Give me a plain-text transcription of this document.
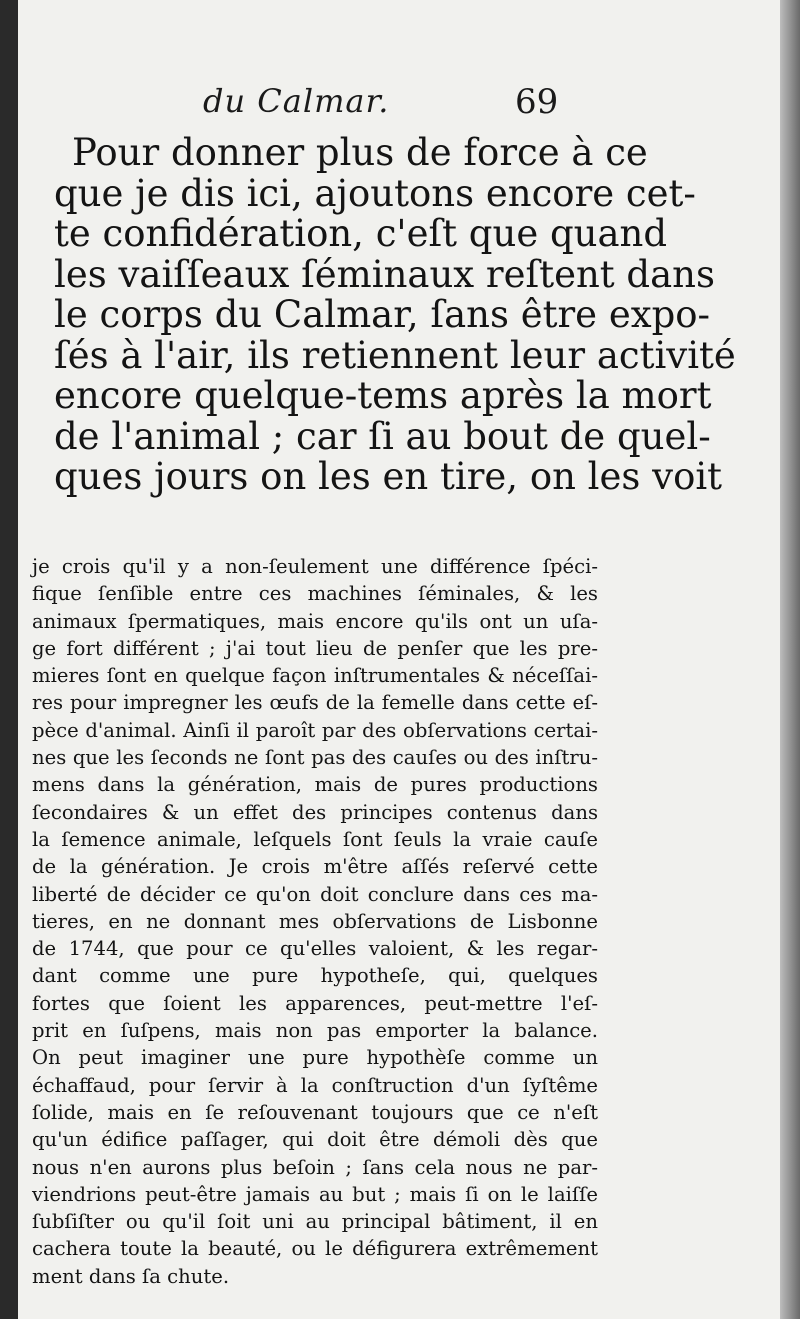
du Calmar.	69
Pour donner plus de force à ce
que je dis ici, ajoutons encore cet-
te confidération, c'eſt que quand
les vaiſſeaux ſéminaux reſtent dans
le corps du Calmar, ſans être expo-
ſés à l'air, ils retiennent leur activité
encore quelque-tems après la mort
de l'animal ; car ſi au bout de quel-
ques jours on les en tire, on les voit
je crois qu'il y a non-ſeulement une différence ſpéci-
fique ſenſible entre ces machines ſéminales, & les
animaux ſpermatiques, mais encore qu'ils ont un uſa-
ge fort différent ; j'ai tout lieu de penſer que les pre-
mieres ſont en quelque façon inſtrumentales & néceſſai-
res pour impregner les œufs de la femelle dans cette eſ-
pèce d'animal. Ainſi il paroît par des obſervations certai-
nes que les ſeconds ne ſont pas des cauſes ou des inſtru-
mens dans la génération, mais de pures productions
ſecondaires & un effet des principes contenus dans
la ſemence animale, leſquels ſont ſeuls la vraie cauſe
de la génération. Je crois m'être aſſés reſervé cette
liberté de décider ce qu'on doit conclure dans ces ma-
tieres, en ne donnant mes obſervations de Lisbonne
de 1744, que pour ce qu'elles valoient, & les regar-
dant comme une pure hypotheſe, qui, quelques
fortes que ſoient les apparences, peut-mettre l'eſ-
prit en ſuſpens, mais non pas emporter la balance.
On peut imaginer une pure hypothèſe comme un
échaffaud, pour ſervir à la conſtruction d'un ſyſtême
ſolide, mais en ſe reſouvenant toujours que ce n'eſt
qu'un édifice paſſager, qui doit être démoli dès que
nous n'en aurons plus beſoin ; ſans cela nous ne par-
viendrions peut-être jamais au but ; mais ſi on le laiſſe
ſubſiſter ou qu'il ſoit uni au principal bâtiment, il en
cachera toute la beauté, ou le défigurera extrêmement
ment dans ſa chute.
